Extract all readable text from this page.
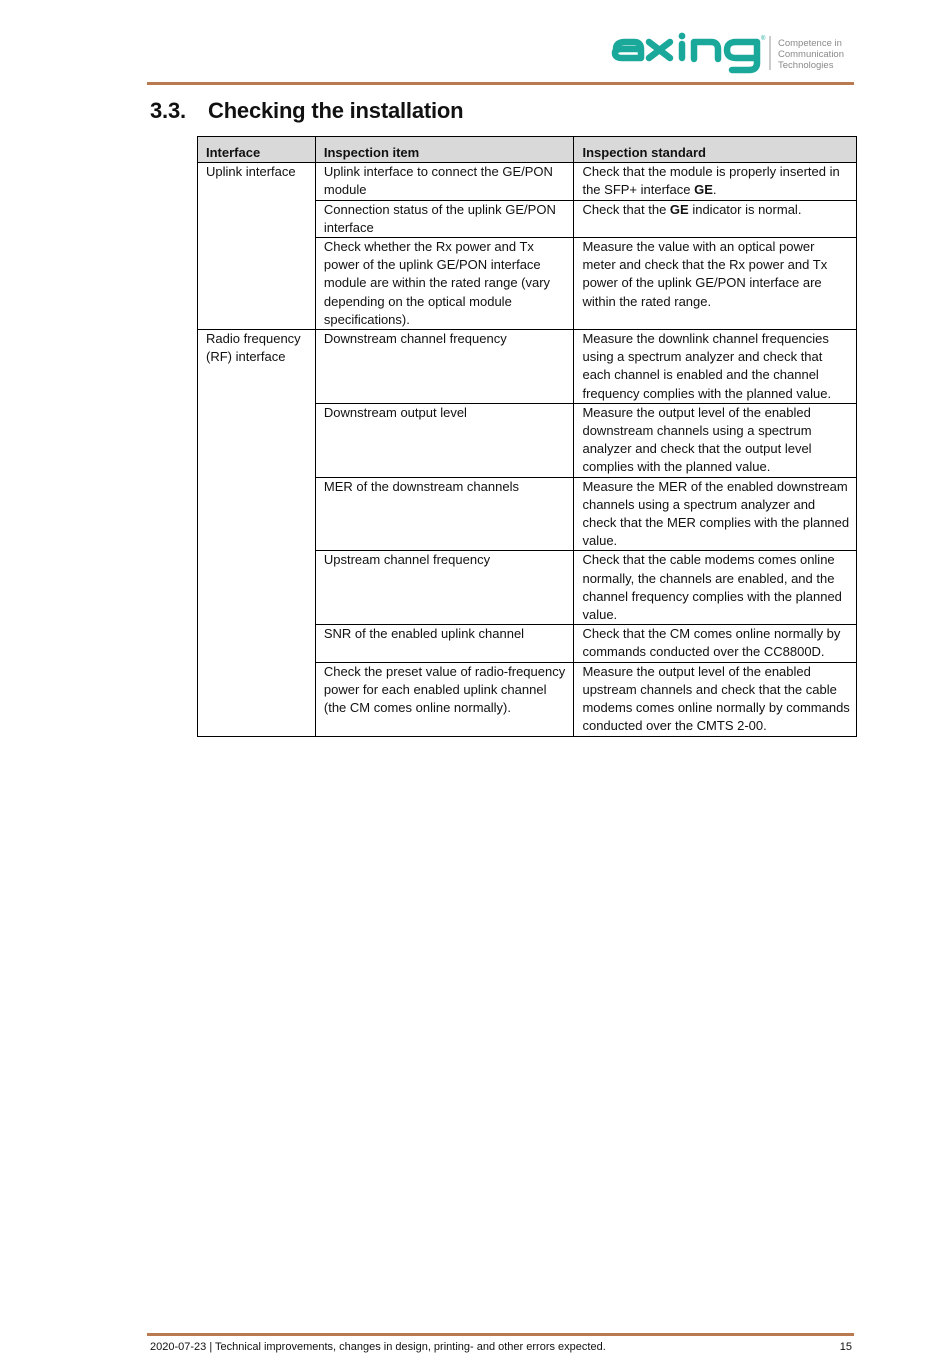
® Competence in
Communication
Technologies
3.3. Checking the installation
Interface	Inspection item	Inspection standard
Uplink interface	Uplink interface to connect the GE/PON module	Check that the module is properly inserted in the SFP+ interface GE.
	Connection status of the uplink GE/PON interface	Check that the GE indicator is normal.
	Check whether the Rx power and Tx power of the uplink GE/PON interface module are within the rated range (vary depending on the optical module specifications).	Measure the value with an optical power meter and check that the Rx power and Tx power of the uplink GE/PON interface are within the rated range.
Radio frequency (RF) interface	Downstream channel frequency	Measure the downlink channel frequencies using a spectrum analyzer and check that each channel is enabled and the channel frequency complies with the planned value.
	Downstream output level	Measure the output level of the enabled downstream channels using a spectrum analyzer and check that the output level complies with the planned value.
	MER of the downstream channels	Measure the MER of the enabled downstream channels using a spectrum analyzer and check that the MER complies with the planned value.
	Upstream channel frequency	Check that the cable modems comes online normally, the channels are enabled, and the channel frequency complies with the planned value.
	SNR of the enabled uplink channel	Check that the CM comes online normally by commands conducted over the CC8800D.
	Check the preset value of radio-frequency power for each enabled uplink channel (the CM comes online normally).	Measure the output level of the enabled upstream channels and check that the cable modems comes online normally by commands conducted over the CMTS 2-00.
2020-07-23 | Technical improvements, changes in design, printing- and other errors expected.	15
